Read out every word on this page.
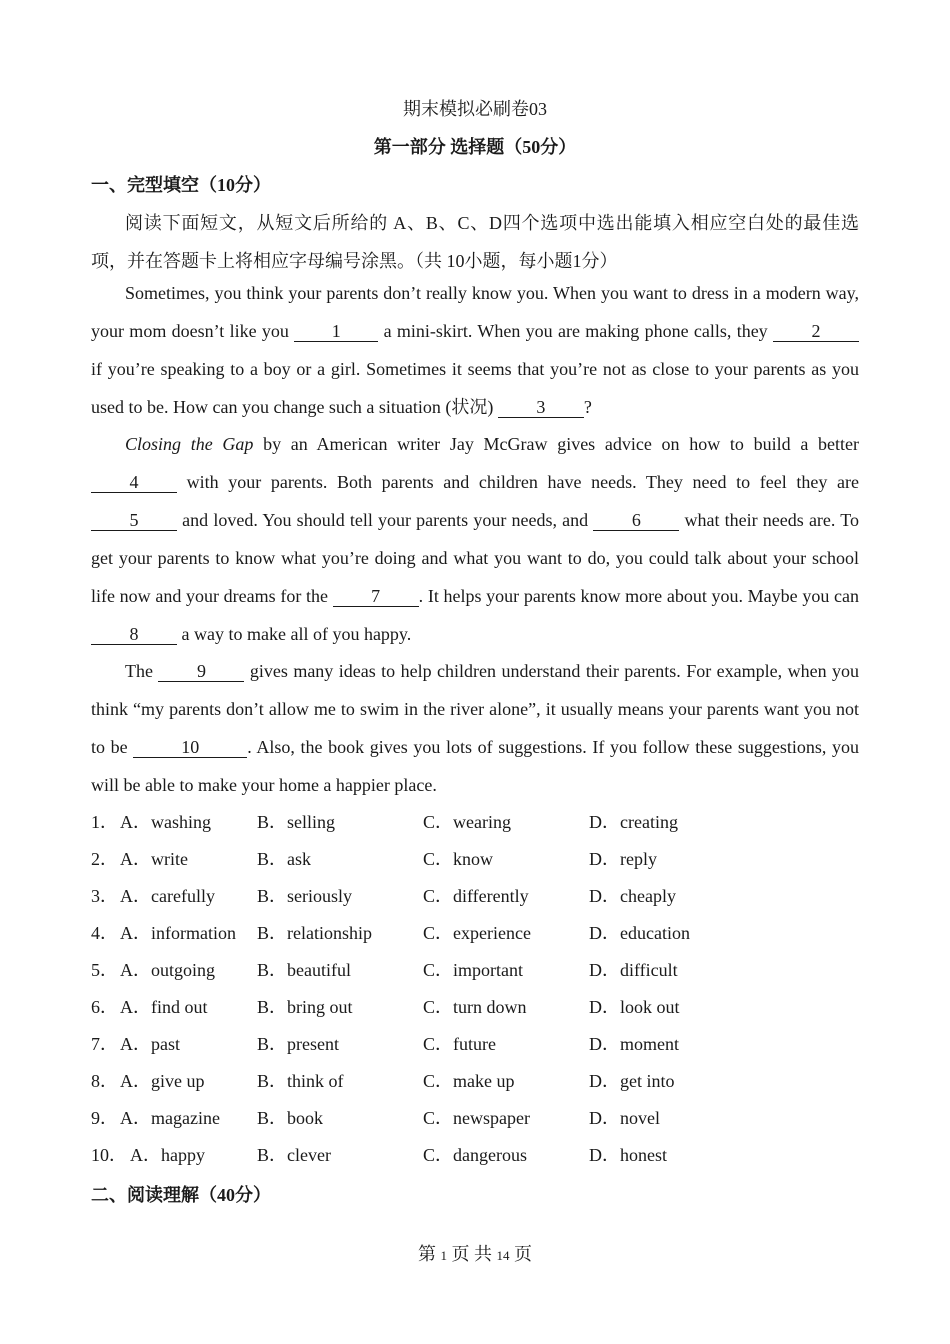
期末模拟必刷卷03
第一部分 选择题（50分）
一、完型填空（10分）
阅读下面短文，从短文后所给的 A、B、C、D四个选项中选出能填入相应空白处的最佳选项，并在答题卡上将相应字母编号涂黑。（共 10小题，每小题1分）
Sometimes, you think your parents don’t really know you. When you want to dress in a modern way, your mom doesn’t like you 1 a mini-skirt. When you are making phone calls, they 2 if you’re speaking to a boy or a girl. Sometimes it seems that you’re not as close to your parents as you used to be. How can you change such a situation (状况) 3 ?
Closing the Gap by an American writer Jay McGraw gives advice on how to build a better 4 with your parents. Both parents and children have needs. They need to feel they are 5 and loved. You should tell your parents your needs, and 6 what their needs are. To get your parents to know what you’re doing and what you want to do, you could talk about your school life now and your dreams for the 7 . It helps your parents know more about you. Maybe you can 8 a way to make all of you happy.
The 9 gives many ideas to help children understand their parents. For example, when you think “my parents don’t allow me to swim in the river alone”, it usually means your parents want you not to be	10	. Also, the book gives you lots of suggestions. If you follow these suggestions, you will be able to make your home a happier place.
1． A．washing	B．selling	C．wearing	D．creating
2． A．write	B．ask	C．know	D．reply
3． A．carefully B．seriously	C．differently	D．cheaply
4． A．information B．relationship	C．experience	D．education
5． A．outgoing B．beautiful	C．important	D．difficult
6． A．find out	B．bring out	C．turn down	D．look out
7． A．past	B．present	C．future	D．moment
8． A．give up	B．think of	C．make up	D．get into
9． A．magazine B．book	C．newspaper	D．novel
10． A．happy	B．clever	C．dangerous	D．honest
二、阅读理解（40分）
第 1 页 共 14 页
